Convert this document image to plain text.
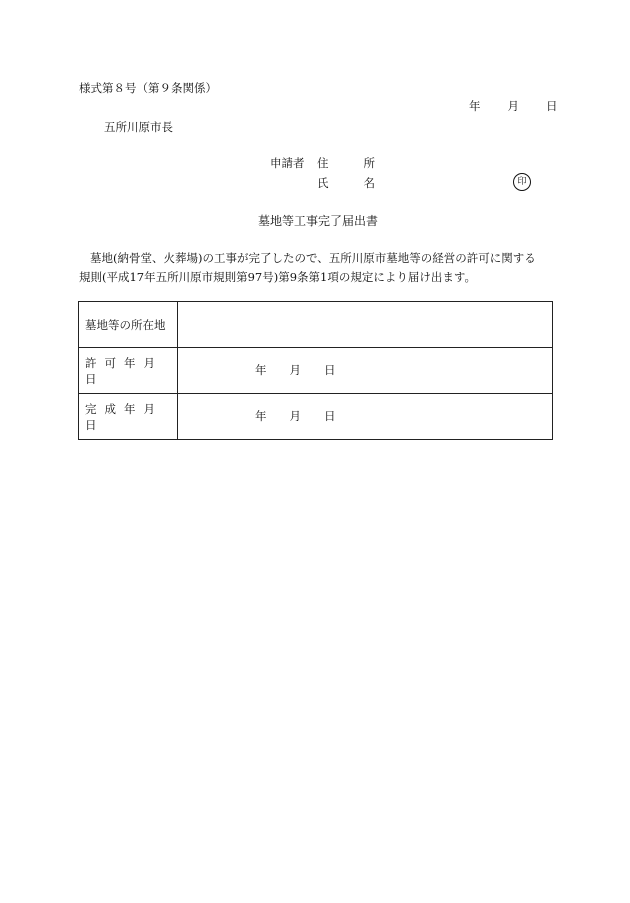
様式第８号（第９条関係）
年 月 日
五所川原市長
申請者 住	所
氏	名	印
墓地等工事完了届出書

墓地(納骨堂、火葬場)の工事が完了したので、五所川原市墓地等の経営の許可に関する

規則(平成17年五所川原市規則第97号)第9条第1項の規定により届け出ます。

墓地等の所在地	
許可年月日	年 月 日

完成年月日	年 月 日
